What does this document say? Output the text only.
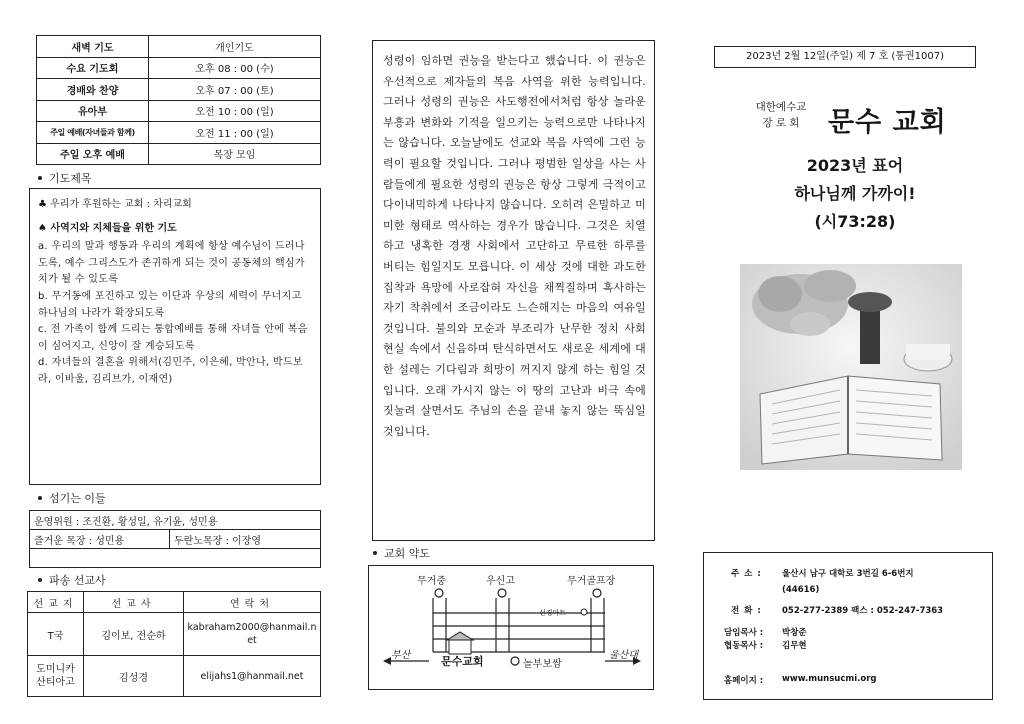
새벽 기도	개인기도
수요 기도회	오후 08 : 00 (수)
경배와 찬양	오후 07 : 00 (토)
유아부	오전 10 : 00 (일)
주일 예배(자녀들과 함께)	오전 11 : 00 (일)
주일 오후 예배	목장 모임
기도제목
♣ 우리가 후원하는 교회 : 차리교회
♠ 사역지와 지체들을 위한 기도
a. 우리의 말과 행동과 우리의 계획에 항상 예수님이 드러나도록, 예수 그리스도가 존귀하게 되는 것이 공동체의 핵심가치가 될 수 있도록
b. 무거동에 포진하고 있는 이단과 우상의 세력이 무너지고 하나님의 나라가 확장되도록
c. 전 가족이 함께 드리는 통합예배를 통해 자녀들 안에 복음이 심어지고, 신앙이 잘 계승되도록
d. 자녀들의 결혼을 위해서(김민주, 이은혜, 박안나, 박드보라, 이바울, 김리브가, 이재연)
섬기는 이들
운영위원 : 조진환, 황성일, 유기윤, 성민용
즐거운 목장 : 성민용	두란노목장 : 이장영

파송 선교사
선교지	선교사	연락처
T국	김이보, 전순하	kabraham2000@hanmail.net
도미니카 산티아고	김성경	elijahs1@hanmail.net
성령이 임하면 권능을 받는다고 했습니다. 이 권능은 우선적으로 제자들의 복음 사역을 위한 능력입니다. 그러나 성령의 권능은 사도행전에서처럼 항상 놀라운 부흥과 변화와 기적을 일으키는 능력으로만 나타나지는 않습니다. 오늘날에도 선교와 복음 사역에 그런 능력이 필요할 것입니다. 그러나 평범한 일상을 사는 사람들에게 필요한 성령의 권능은 항상 그렇게 극적이고 다이내믹하게 나타나지 않습니다. 오히려 은밀하고 미미한 형태로 역사하는 경우가 많습니다. 그것은 치열하고 냉혹한 경쟁 사회에서 고단하고 무료한 하루를 버티는 힘일지도 모릅니다. 이 세상 것에 대한 과도한 집착과 욕망에 사로잡혀 자신을 채찍질하며 혹사하는 자기 착취에서 조금이라도 느슨해지는 마음의 여유일 것입니다. 불의와 모순과 부조리가 난무한 정치 사회 현실 속에서 신음하며 탄식하면서도 새로운 세계에 대한 설레는 기다림과 희망이 꺼지지 않게 하는 힘일 것입니다. 오래 가시지 않는 이 땅의 고난과 비극 속에 짓눌려 살면서도 주님의 손을 끝내 놓지 않는 뚝심일 것입니다.
교회 약도
무거중	우신고	무거골프장
선경마트
부산	문수교회	놀부보쌈
울산대
2023년 2월 12일(주일) 제 7 호 (통권1007)
대한예수교
장 로 회	문수 교회
2023년 표어
하나님께 가까이!
(시73:28)
주 소 : 울산시 남구 대학로 3번길 6-6번지
(44616)
전 화 : 052-277-2389 팩스 : 052-247-7363
담임목사 : 박창준
협동목사 : 김무현
홈페이지 : www.munsucmi.org
